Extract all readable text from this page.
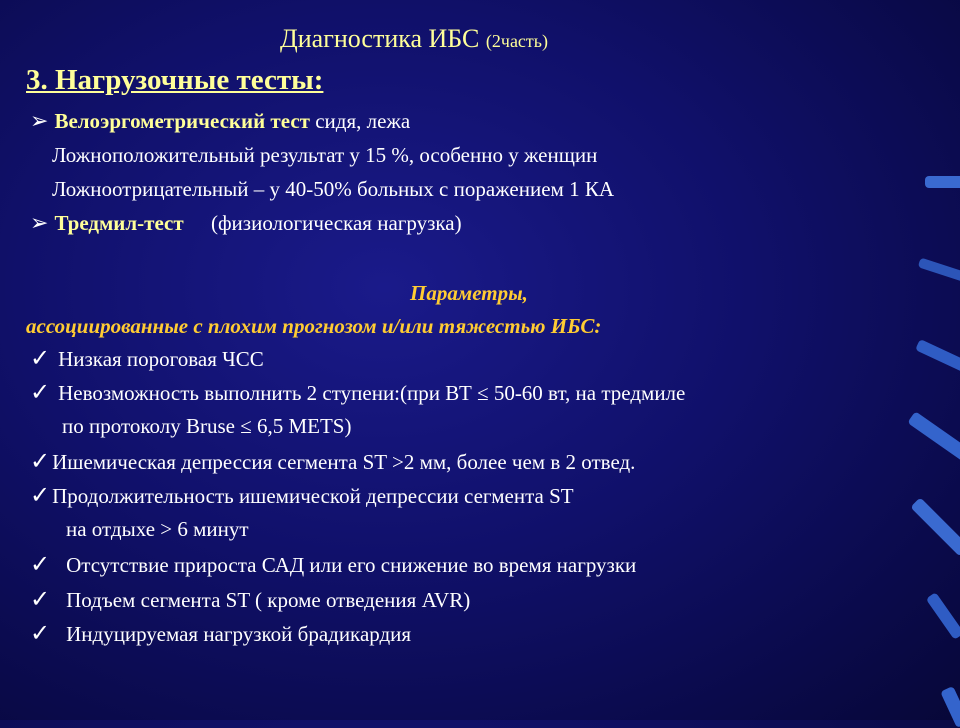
Диагностика ИБС (2часть)
3. Нагрузочные тесты:
➢ Велоэргометрический тест сидя, лежа
Ложноположительный результат у 15 %, особенно у женщин
Ложноотрицательный – у 40-50% больных с поражением 1 КА
➢ Тредмил-тест (физиологическая нагрузка)
Параметры,
ассоциированные с плохим прогнозом и/или тяжестью ИБС:
✓ Низкая пороговая ЧСС
✓ Невозможность выполнить 2 ступени:(при ВТ ≤ 50-60 вт, на тредмиле
по протоколу Bruse ≤ 6,5 METS)
✓Ишемическая депрессия сегмента ST >2 мм, более чем в 2 отвед.
✓Продолжительность ишемической депрессии сегмента ST
на отдыхе > 6 минут
✓ Отсутствие прироста САД или его снижение во время нагрузки
✓ Подъем сегмента ST ( кроме отведения AVR)
✓ Индуцируемая нагрузкой брадикардия
